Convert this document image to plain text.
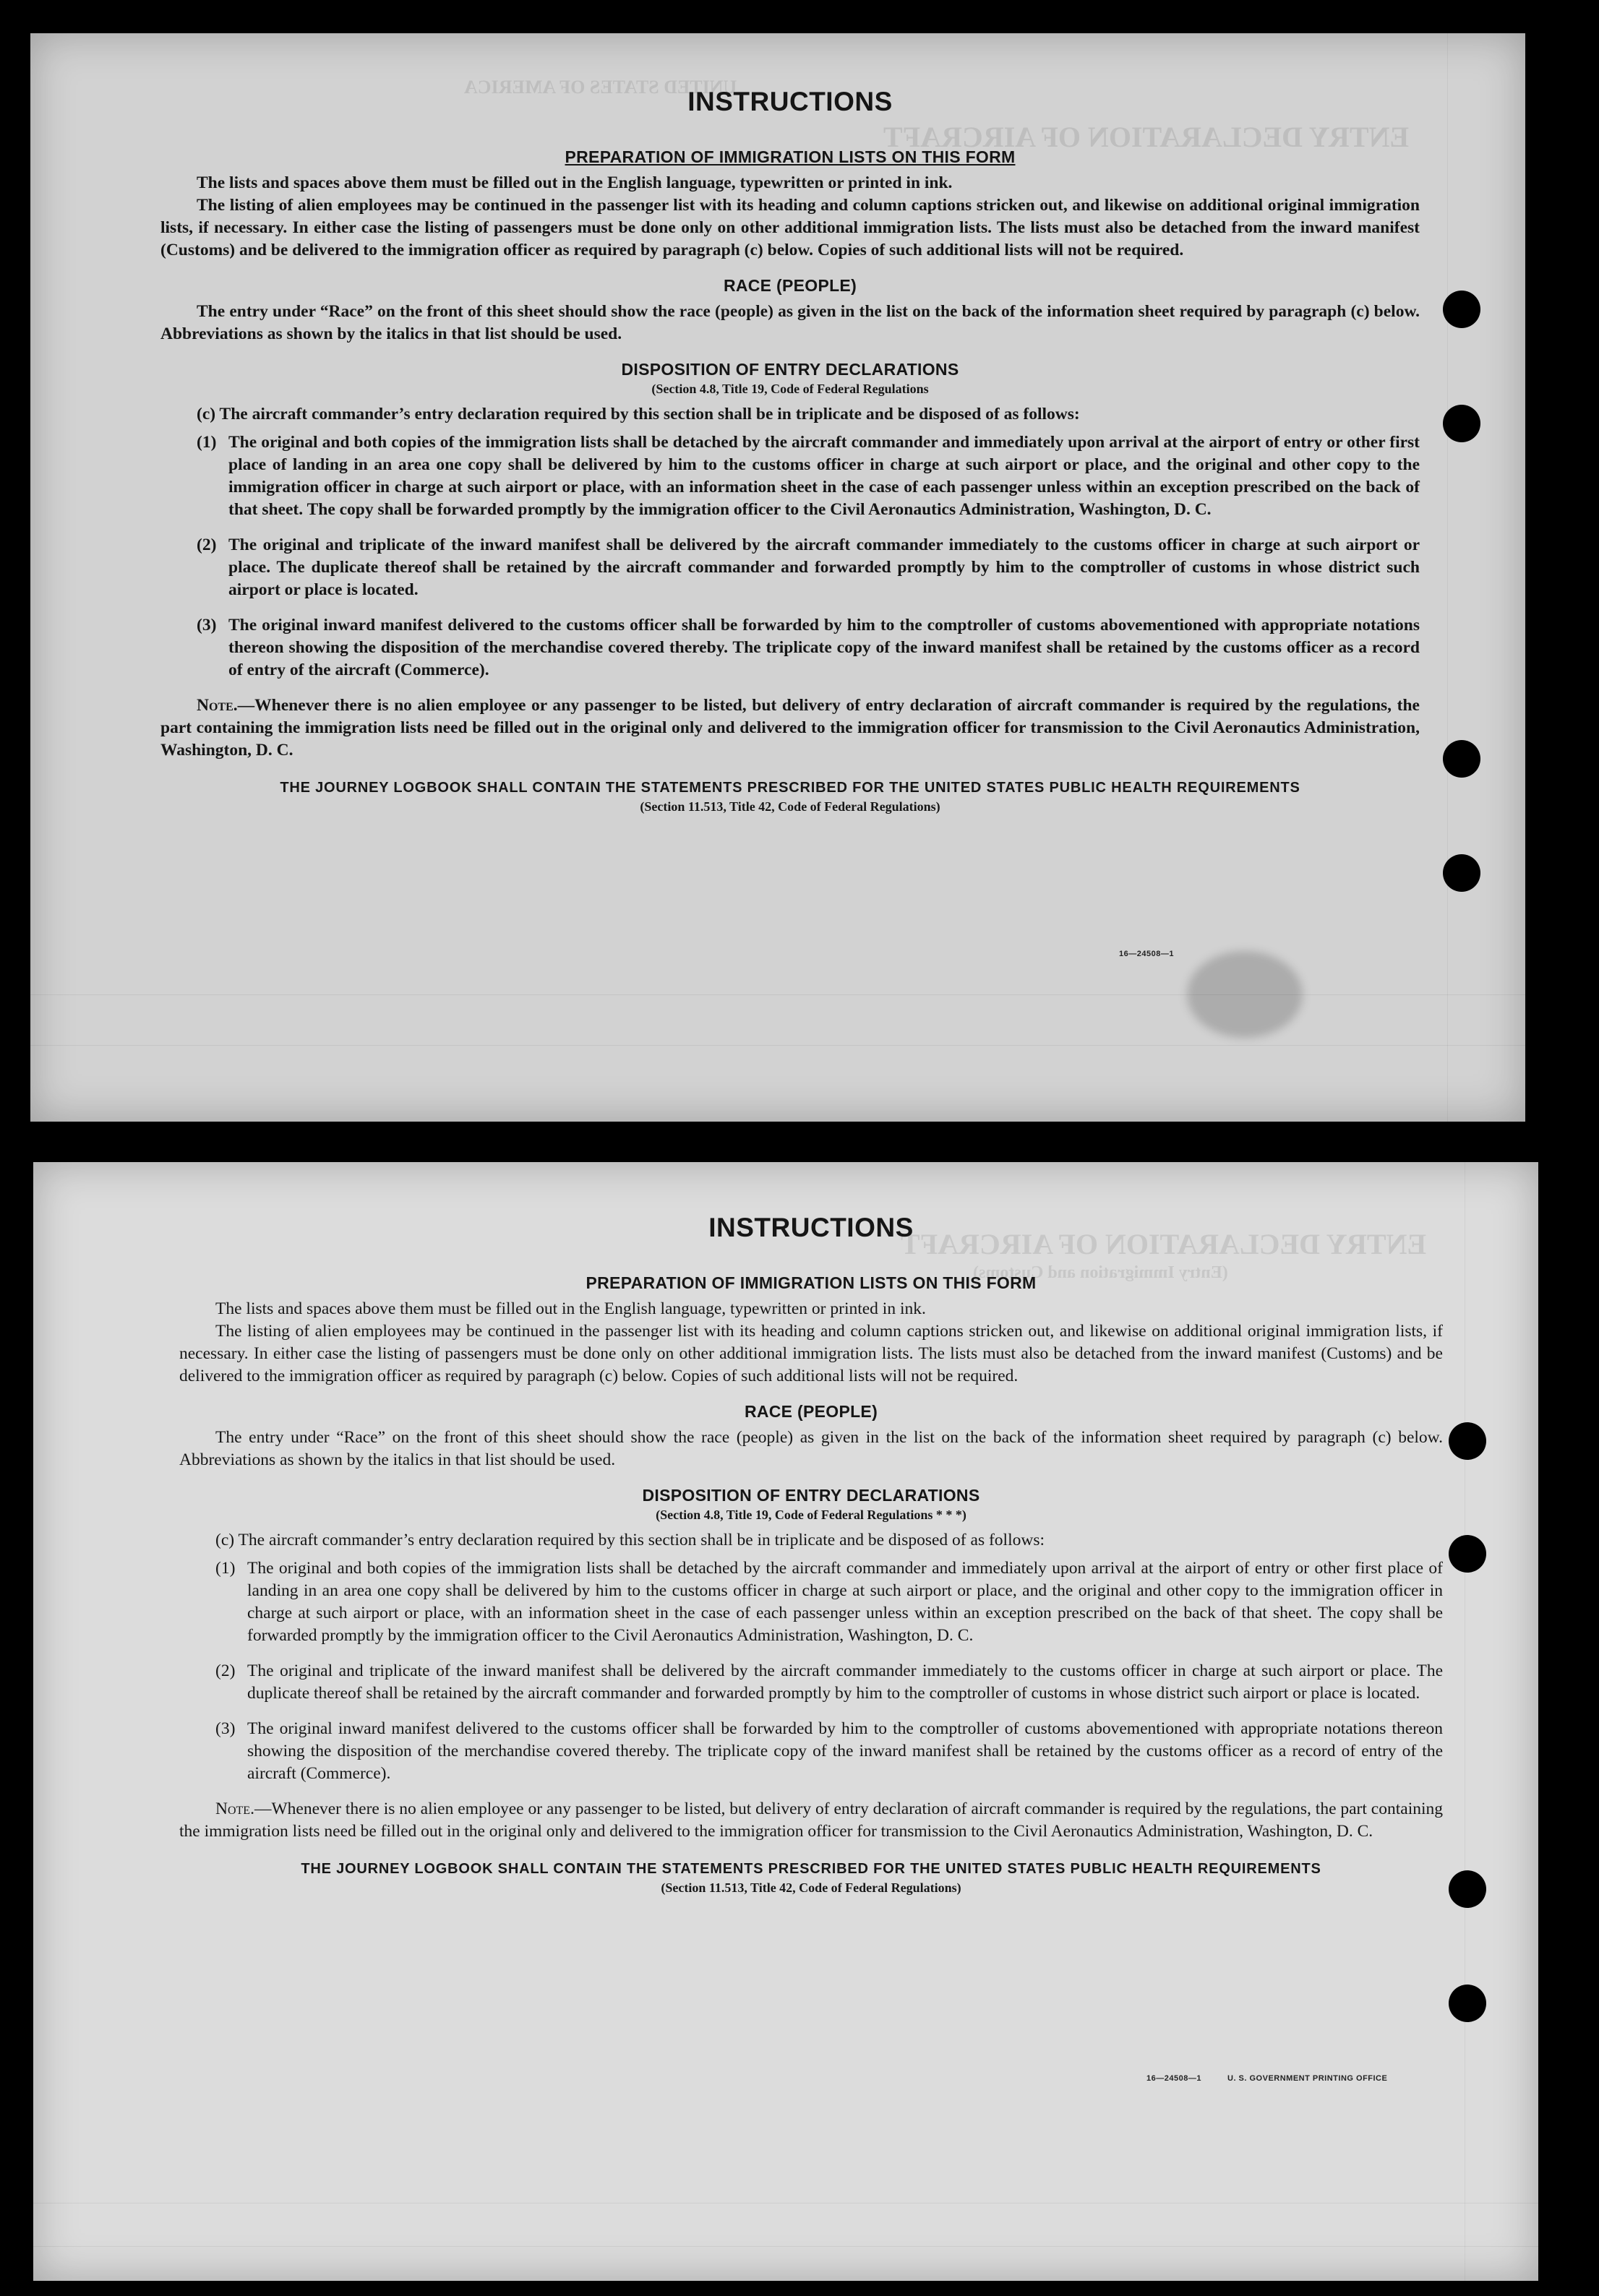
ENTRY DECLARATION OF AIRCRAFT
UNITED STATES OF AMERICA
INSTRUCTIONS
PREPARATION OF IMMIGRATION LISTS ON THIS FORM

The lists and spaces above them must be filled out in the English language, typewritten or printed in ink.

The listing of alien employees may be continued in the passenger list with its heading and column captions stricken out, and likewise on additional original immigration lists, if necessary. In either case the listing of passengers must be done only on other additional immigration lists. The lists must also be detached from the inward manifest (Customs) and be delivered to the immigration officer as required by paragraph (c) below. Copies of such additional lists will not be required.

RACE (PEOPLE)

The entry under “Race” on the front of this sheet should show the race (people) as given in the list on the back of the information sheet required by paragraph (c) below. Abbreviations as shown by the italics in that list should be used.

DISPOSITION OF ENTRY DECLARATIONS
(Section 4.8, Title 19, Code of Federal Regulations

(c) The aircraft commander’s entry declaration required by this section shall be in triplicate and be disposed of as follows:

(1) The original and both copies of the immigration lists shall be detached by the aircraft commander and immediately upon arrival at the airport of entry or other first place of landing in an area one copy shall be delivered by him to the customs officer in charge at such airport or place, and the original and other copy to the immigration officer in charge at such airport or place, with an information sheet in the case of each passenger unless within an exception prescribed on the back of that sheet. The copy shall be forwarded promptly by the immigration officer to the Civil Aeronautics Administration, Washington, D. C.
(2) The original and triplicate of the inward manifest shall be delivered by the aircraft commander immediately to the customs officer in charge at such airport or place. The duplicate thereof shall be retained by the aircraft commander and forwarded promptly by him to the comptroller of customs in whose district such airport or place is located.
(3) The original inward manifest delivered to the customs officer shall be forwarded by him to the comptroller of customs abovementioned with appropriate notations thereon showing the disposition of the merchandise covered thereby. The triplicate copy of the inward manifest shall be retained by the customs officer as a record of entry of the aircraft (Commerce).

Note.—Whenever there is no alien employee or any passenger to be listed, but delivery of entry declaration of aircraft commander is required by the regulations, the part containing the immigration lists need be filled out in the original only and delivered to the immigration officer for transmission to the Civil Aeronautics Administration, Washington, D. C.

THE JOURNEY LOGBOOK SHALL CONTAIN THE STATEMENTS PRESCRIBED FOR THE UNITED STATES PUBLIC HEALTH REQUIREMENTS
(Section 11.513, Title 42, Code of Federal Regulations)
16—24508—1
ENTRY DECLARATION OF AIRCRAFT
(Entry Immigration and Customs)
INSTRUCTIONS
PREPARATION OF IMMIGRATION LISTS ON THIS FORM

The lists and spaces above them must be filled out in the English language, typewritten or printed in ink.

The listing of alien employees may be continued in the passenger list with its heading and column captions stricken out, and likewise on additional original immigration lists, if necessary. In either case the listing of passengers must be done only on other additional immigration lists. The lists must also be detached from the inward manifest (Customs) and be delivered to the immigration officer as required by paragraph (c) below. Copies of such additional lists will not be required.

RACE (PEOPLE)

The entry under “Race” on the front of this sheet should show the race (people) as given in the list on the back of the information sheet required by paragraph (c) below. Abbreviations as shown by the italics in that list should be used.

DISPOSITION OF ENTRY DECLARATIONS
(Section 4.8, Title 19, Code of Federal Regulations * * *)

(c) The aircraft commander’s entry declaration required by this section shall be in triplicate and be disposed of as follows:

(1) The original and both copies of the immigration lists shall be detached by the aircraft commander and immediately upon arrival at the airport of entry or other first place of landing in an area one copy shall be delivered by him to the customs officer in charge at such airport or place, and the original and other copy to the immigration officer in charge at such airport or place, with an information sheet in the case of each passenger unless within an exception prescribed on the back of that sheet. The copy shall be forwarded promptly by the immigration officer to the Civil Aeronautics Administration, Washington, D. C.
(2) The original and triplicate of the inward manifest shall be delivered by the aircraft commander immediately to the customs officer in charge at such airport or place. The duplicate thereof shall be retained by the aircraft commander and forwarded promptly by him to the comptroller of customs in whose district such airport or place is located.
(3) The original inward manifest delivered to the customs officer shall be forwarded by him to the comptroller of customs abovementioned with appropriate notations thereon showing the disposition of the merchandise covered thereby. The triplicate copy of the inward manifest shall be retained by the customs officer as a record of entry of the aircraft (Commerce).

Note.—Whenever there is no alien employee or any passenger to be listed, but delivery of entry declaration of aircraft commander is required by the regulations, the part containing the immigration lists need be filled out in the original only and delivered to the immigration officer for transmission to the Civil Aeronautics Administration, Washington, D. C.

THE JOURNEY LOGBOOK SHALL CONTAIN THE STATEMENTS PRESCRIBED FOR THE UNITED STATES PUBLIC HEALTH REQUIREMENTS
(Section 11.513, Title 42, Code of Federal Regulations)
16—24508—1	U. S. GOVERNMENT PRINTING OFFICE
